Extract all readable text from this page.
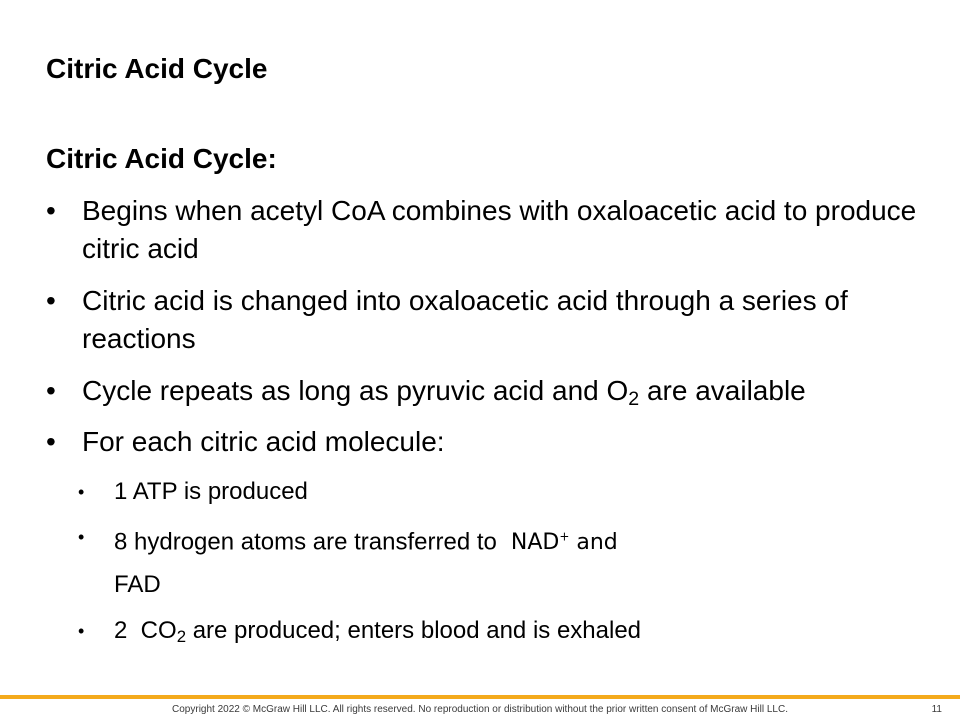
Citric Acid Cycle
Citric Acid Cycle:
• Begins when acetyl CoA combines with oxaloacetic acid to produce citric acid
• Citric acid is changed into oxaloacetic acid through a series of reactions
• Cycle repeats as long as pyruvic acid and $O_2$ are available
• For each citric acid molecule:
• 1 ATP is produced
• 8 hydrogen atoms are transferred to NAD+ and
FAD
• 2  $CO_2$ are produced; enters blood and is exhaled
Copyright 2022 © McGraw Hill LLC. All rights reserved. No reproduction or distribution without the prior written consent of McGraw Hill LLC.	11
